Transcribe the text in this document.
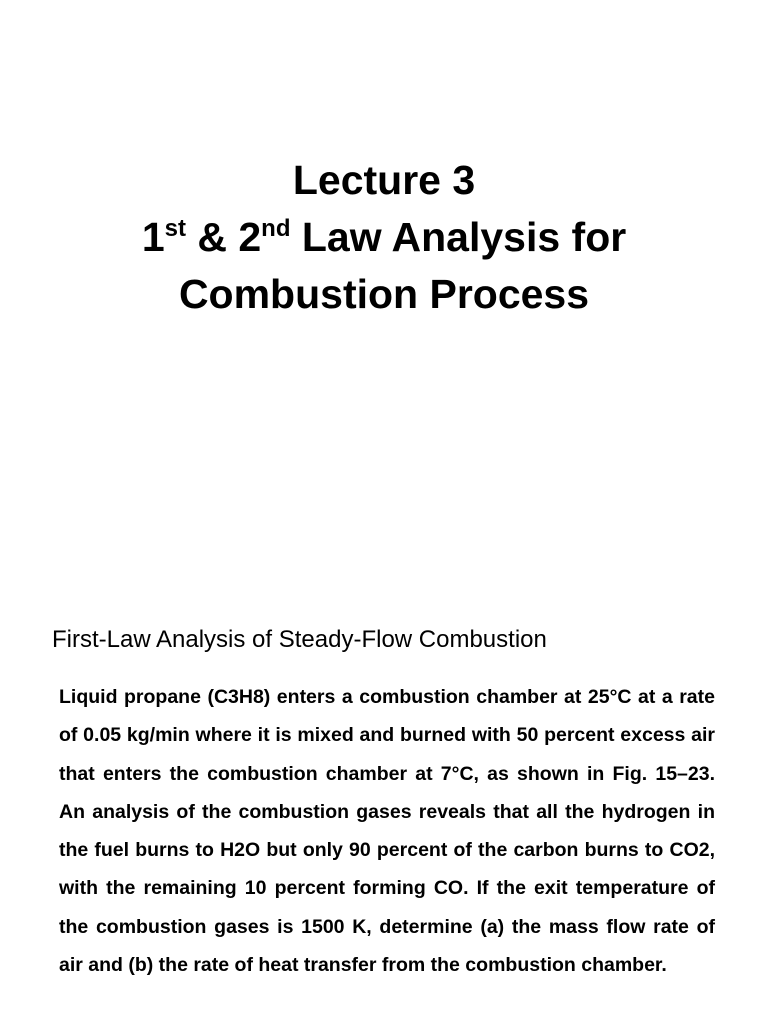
Lecture 3
1st & 2nd Law Analysis for
Combustion Process
First-Law Analysis of Steady-Flow Combustion
Liquid propane (C3H8) enters a combustion chamber at 25°C at a rate of 0.05 kg/min where it is mixed and burned with 50 percent excess air that enters the combustion chamber at 7°C, as shown in Fig. 15–23. An analysis of the combustion gases reveals that all the hydrogen in the fuel burns to H2O but only 90 percent of the carbon burns to CO2, with the remaining 10 percent forming CO. If the exit temperature of the combustion gases is 1500 K, determine (a) the mass flow rate of air and (b) the rate of heat transfer from the combustion chamber.
